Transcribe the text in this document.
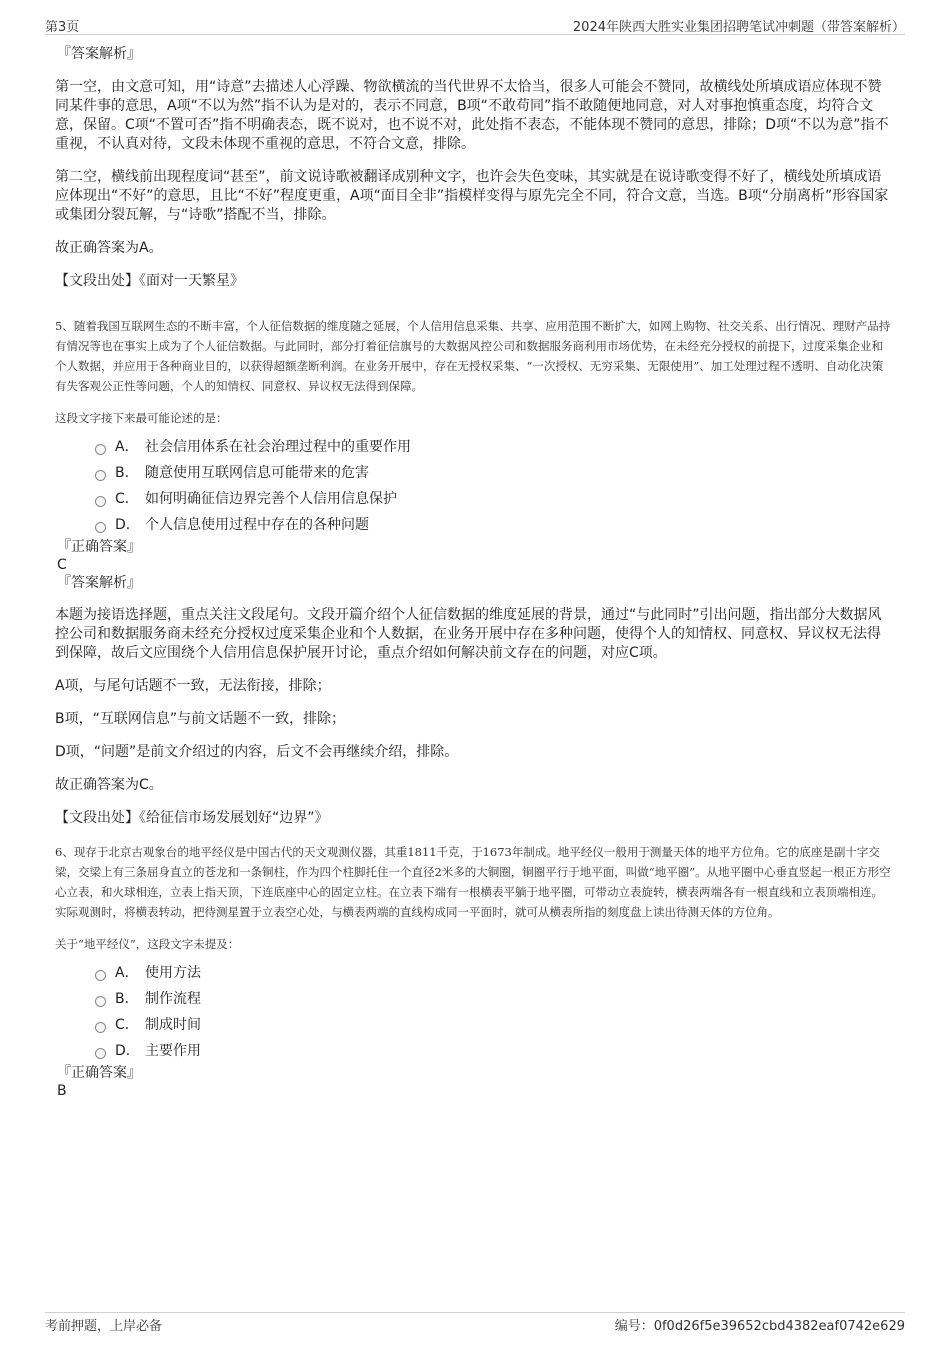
第3页	2024年陕西大胜实业集团招聘笔试冲刺题（带答案解析）
『答案解析』

第一空，由文意可知，用“诗意”去描述人心浮躁、物欲横流的当代世界不太恰当，很多人可能会不赞同，故横线处所填成语应体现不赞同某件事的意思，A项“不以为然”指不认为是对的，表示不同意，B项“不敢苟同”指不敢随便地同意，对人对事抱慎重态度，均符合文意，保留。C项“不置可否”指不明确表态，既不说对，也不说不对，此处指不表态，不能体现不赞同的意思，排除；D项“不以为意”指不重视，不认真对待，文段未体现不重视的意思，不符合文意，排除。

第二空，横线前出现程度词“甚至”，前文说诗歌被翻译成别种文字，也许会失色变味，其实就是在说诗歌变得不好了，横线处所填成语应体现出“不好”的意思，且比“不好”程度更重，A项“面目全非”指模样变得与原先完全不同，符合文意，当选。B项“分崩离析”形容国家或集团分裂瓦解，与“诗歌”搭配不当，排除。

故正确答案为A。

【文段出处】《面对一天繁星》

5、随着我国互联网生态的不断丰富，个人征信数据的维度随之延展，个人信用信息采集、共享、应用范围不断扩大，如网上购物、社交关系、出行情况、理财产品持有情况等也在事实上成为了个人征信数据。与此同时，部分打着征信旗号的大数据风控公司和数据服务商利用市场优势，在未经充分授权的前提下，过度采集企业和个人数据，并应用于各种商业目的，以获得超额垄断利润。在业务开展中，存在无授权采集、“一次授权、无穷采集、无限使用”、加工处理过程不透明、自动化决策有失客观公正性等问题，个人的知情权、同意权、异议权无法得到保障。

这段文字接下来最可能论述的是：

A． 社会信用体系在社会治理过程中的重要作用
B． 随意使用互联网信息可能带来的危害
C． 如何明确征信边界完善个人信用信息保护
D． 个人信息使用过程中存在的各种问题
『正确答案』
C
『答案解析』

本题为接语选择题，重点关注文段尾句。文段开篇介绍个人征信数据的维度延展的背景，通过“与此同时”引出问题，指出部分大数据风控公司和数据服务商未经充分授权过度采集企业和个人数据，在业务开展中存在多种问题，使得个人的知情权、同意权、异议权无法得到保障，故后文应围绕个人信用信息保护展开讨论，重点介绍如何解决前文存在的问题，对应C项。

A项，与尾句话题不一致，无法衔接，排除；

B项，“互联网信息”与前文话题不一致，排除；

D项，“问题”是前文介绍过的内容，后文不会再继续介绍，排除。

故正确答案为C。

【文段出处】《给征信市场发展划好“边界”》

6、现存于北京古观象台的地平经仪是中国古代的天文观测仪器，其重1811千克，于1673年制成。地平经仪一般用于测量天体的地平方位角。它的底座是副十字交梁，交梁上有三条屈身直立的苍龙和一条铜柱，作为四个柱脚托住一个直径2米多的大铜圈，铜圈平行于地平面，叫做“地平圈”。从地平圈中心垂直竖起一根正方形空心立表，和火球相连，立表上指天顶，下连底座中心的固定立柱。在立表下端有一根横表平躺于地平圈，可带动立表旋转，横表两端各有一根直线和立表顶端相连。实际观测时，将横表转动，把待测星置于立表空心处，与横表两端的直线构成同一平面时，就可从横表所指的刻度盘上读出待测天体的方位角。

关于“地平经仪”，这段文字未提及：

A． 使用方法
B． 制作流程
C． 制成时间
D． 主要作用
『正确答案』
B
考前押题，上岸必备	编号：0f0d26f5e39652cbd4382eaf0742e629
